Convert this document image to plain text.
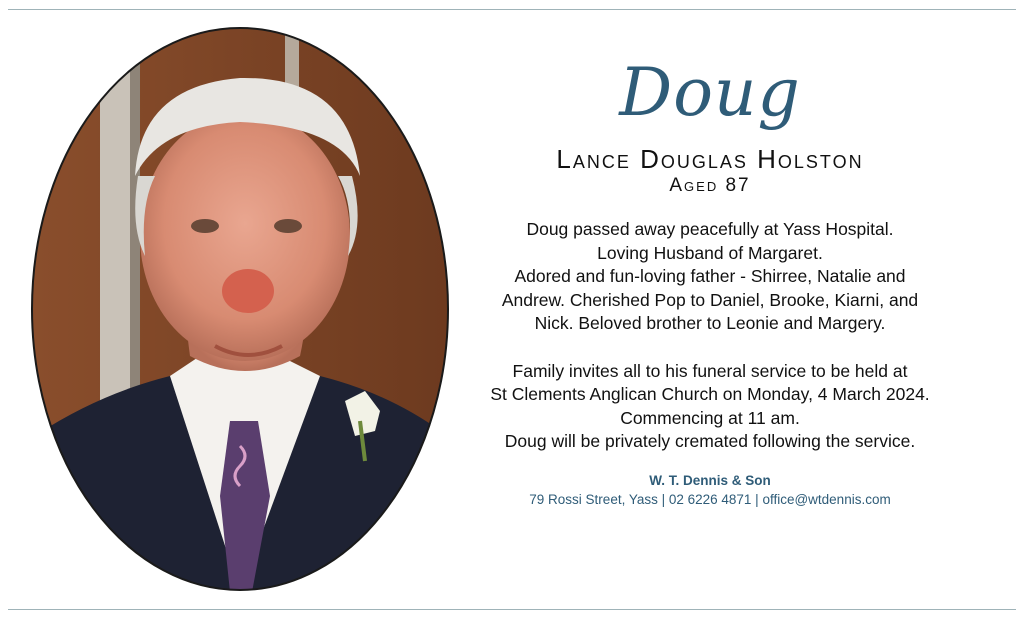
Doug
Lance Douglas Holston
Aged 87
Doug passed away peacefully at Yass Hospital.
Loving Husband of Margaret.
Adored and fun-loving father - Shirree, Natalie and
Andrew. Cherished Pop to Daniel, Brooke, Kiarni, and
Nick. Beloved brother to Leonie and Margery.
Family invites all to his funeral service to be held at
St Clements Anglican Church on Monday, 4 March 2024.
Commencing at 11 am.
Doug will be privately cremated following the service.
W. T. Dennis & Son
79 Rossi Street, Yass | 02 6226 4871 | office@wtdennis.com
